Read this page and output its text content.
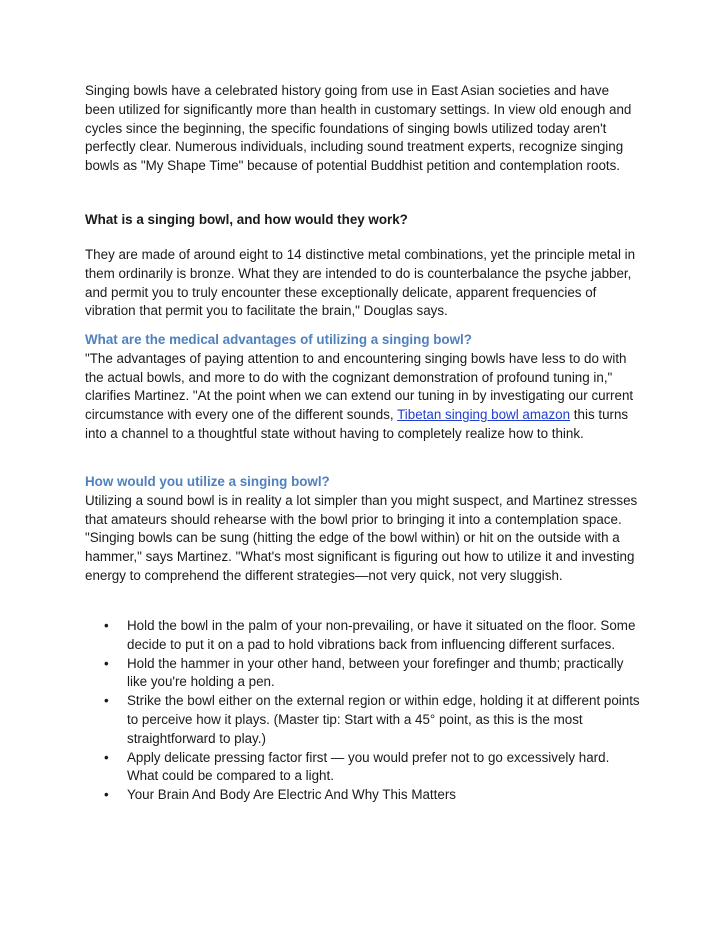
Singing bowls have a celebrated history going from use in East Asian societies and have been utilized for significantly more than health in customary settings. In view old enough and cycles since the beginning, the specific foundations of singing bowls utilized today aren't perfectly clear. Numerous individuals, including sound treatment experts, recognize singing bowls as "My Shape Time" because of potential Buddhist petition and contemplation roots.

What is a singing bowl, and how would they work?

They are made of around eight to 14 distinctive metal combinations, yet the principle metal in them ordinarily is bronze. What they are intended to do is counterbalance the psyche jabber, and permit you to truly encounter these exceptionally delicate, apparent frequencies of vibration that permit you to facilitate the brain," Douglas says.

What are the medical advantages of utilizing a singing bowl?

"The advantages of paying attention to and encountering singing bowls have less to do with the actual bowls, and more to do with the cognizant demonstration of profound tuning in," clarifies Martinez. "At the point when we can extend our tuning in by investigating our current circumstance with every one of the different sounds, Tibetan singing bowl amazon this turns into a channel to a thoughtful state without having to completely realize how to think.

How would you utilize a singing bowl?

Utilizing a sound bowl is in reality a lot simpler than you might suspect, and Martinez stresses that amateurs should rehearse with the bowl prior to bringing it into a contemplation space. "Singing bowls can be sung (hitting the edge of the bowl within) or hit on the outside with a hammer," says Martinez. "What's most significant is figuring out how to utilize it and investing energy to comprehend the different strategies—not very quick, not very sluggish.

• Hold the bowl in the palm of your non-prevailing, or have it situated on the floor. Some decide to put it on a pad to hold vibrations back from influencing different surfaces.
• Hold the hammer in your other hand, between your forefinger and thumb; practically like you're holding a pen.
• Strike the bowl either on the external region or within edge, holding it at different points to perceive how it plays. (Master tip: Start with a 45° point, as this is the most straightforward to play.)
• Apply delicate pressing factor first — you would prefer not to go excessively hard. What could be compared to a light.
• Your Brain And Body Are Electric And Why This Matters
